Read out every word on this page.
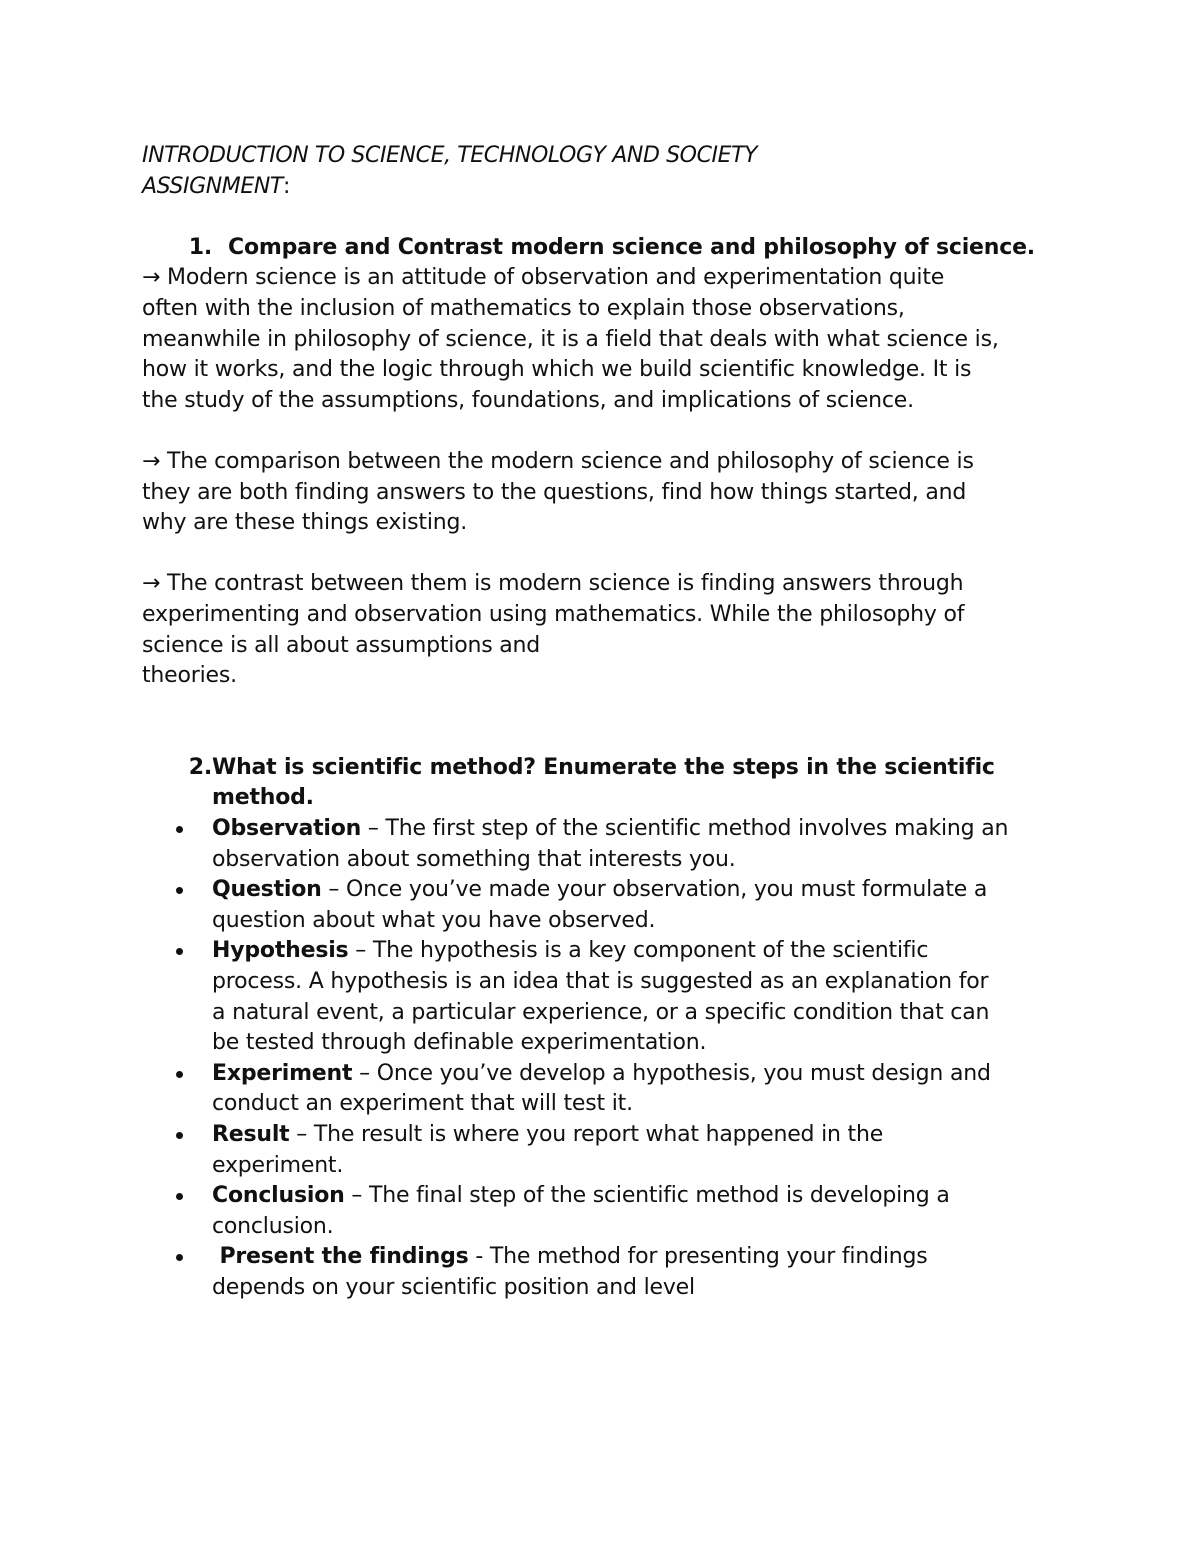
INTRODUCTION TO SCIENCE, TECHNOLOGY AND SOCIETY
ASSIGNMENT:

1. Compare and Contrast modern science and philosophy of science.

→ Modern science is an attitude of observation and experimentation quite
often with the inclusion of mathematics to explain those observations,
meanwhile in philosophy of science, it is a field that deals with what science is,
how it works, and the logic through which we build scientific knowledge. It is
the study of the assumptions, foundations, and implications of science.

→ The comparison between the modern science and philosophy of science is
they are both finding answers to the questions, find how things started, and
why are these things existing.

→ The contrast between them is modern science is finding answers through
experimenting and observation using mathematics. While the philosophy of
science is all about assumptions and
theories.

2. What is scientific method? Enumerate the steps in the scientific
method.
Observation – The first step of the scientific method involves making an
observation about something that interests you.
Question – Once you’ve made your observation, you must formulate a
question about what you have observed.
Hypothesis – The hypothesis is a key component of the scientific
process. A hypothesis is an idea that is suggested as an explanation for
a natural event, a particular experience, or a specific condition that can
be tested through definable experimentation.
Experiment – Once you’ve develop a hypothesis, you must design and
conduct an experiment that will test it.
Result – The result is where you report what happened in the
experiment.
Conclusion – The final step of the scientific method is developing a
conclusion.
Present the findings - The method for presenting your findings
depends on your scientific position and level
